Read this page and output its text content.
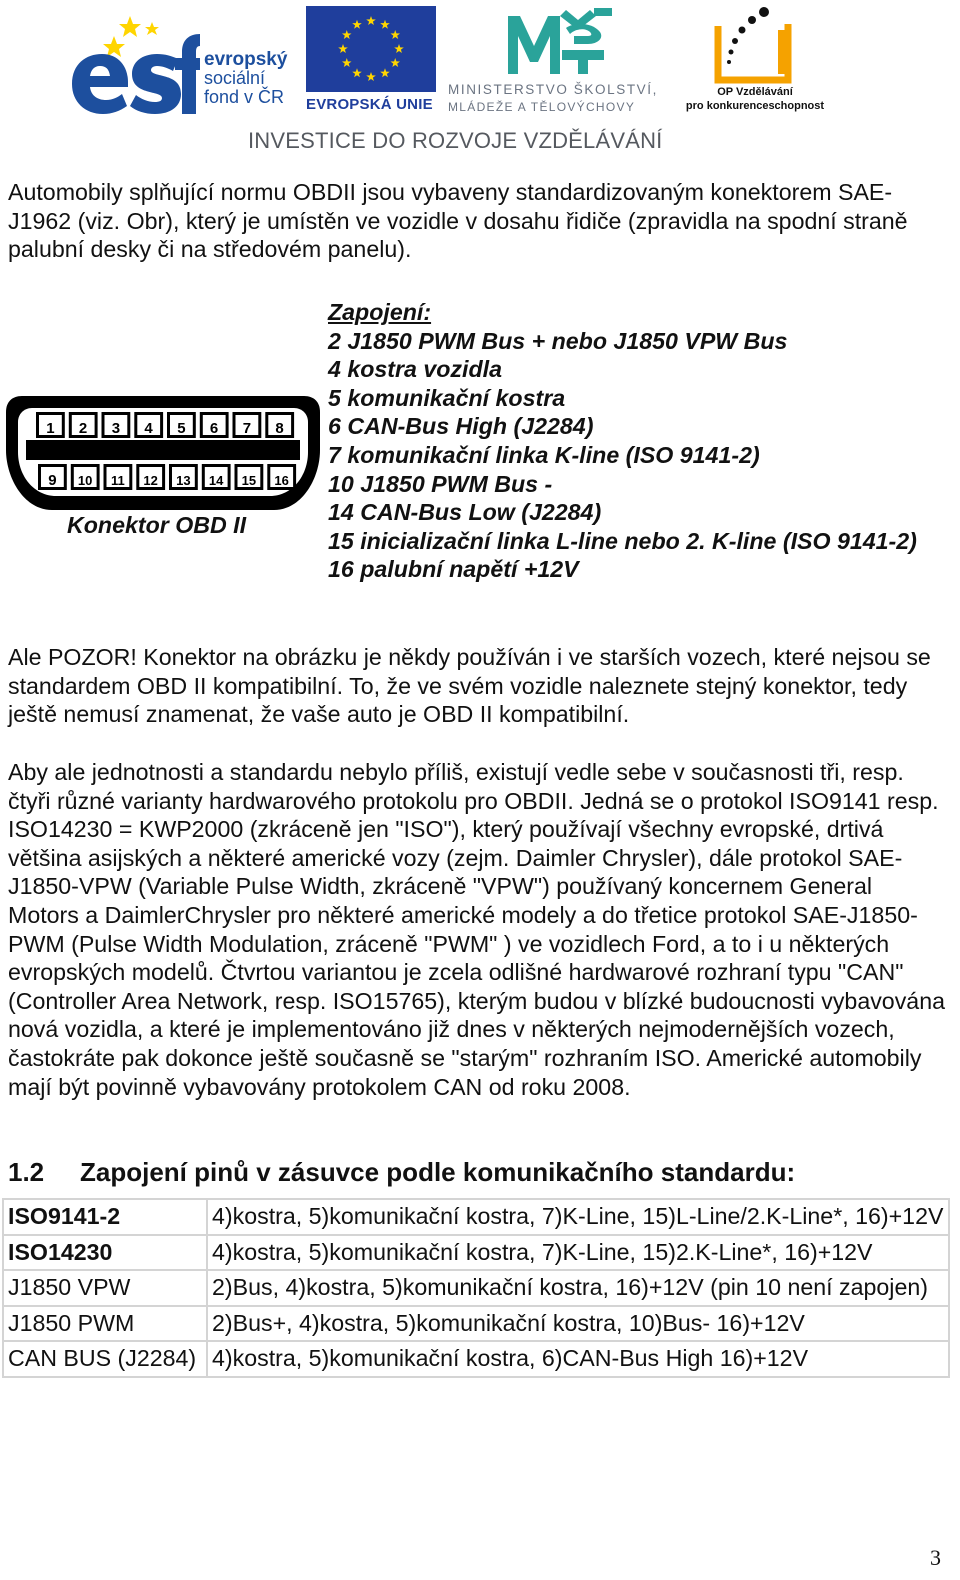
evropský
sociální
fond v ČR EVROPSKÁ UNIE
MINISTERSTVO ŠKOLSTVÍ,
MLÁDEŽE A TĚLOVÝCHOVY
OP Vzdělávání
pro konkurenceschopnost
INVESTICE DO ROZVOJE VZDĚLÁVÁNÍ
Automobily splňující normu OBDII jsou vybaveny standardizovaným konektorem SAE-J1962 (viz. Obr), který je umístěn ve vozidle v dosahu řidiče (zpravidla na spodní straně palubní desky či na středovém panelu).
1 2 3 4 5 6 7 8
9 10 11 12 13 14 15 16
Konektor OBD II
Zapojení:
2 J1850 PWM Bus + nebo J1850 VPW Bus
4 kostra vozidla
5 komunikační kostra
6 CAN-Bus High (J2284)
7 komunikační linka K-line (ISO 9141-2)
10 J1850 PWM Bus -
14 CAN-Bus Low (J2284)
15 inicializační linka L-line nebo 2. K-line (ISO 9141-2)
16 palubní napětí +12V
Ale POZOR! Konektor na obrázku je někdy používán i ve starších vozech, které nejsou se standardem OBD II kompatibilní. To, že ve svém vozidle naleznete stejný konektor, tedy ještě nemusí znamenat, že vaše auto je OBD II kompatibilní.
Aby ale jednotnosti a standardu nebylo příliš, existují vedle sebe v současnosti tři, resp. čtyři různé varianty hardwarového protokolu pro OBDII. Jedná se o protokol ISO9141 resp. ISO14230 = KWP2000 (zkráceně jen "ISO"), který používají všechny evropské, drtivá většina asijských a některé americké vozy (zejm. Daimler Chrysler), dále protokol SAE-J1850-VPW (Variable Pulse Width, zkráceně "VPW") používaný koncernem General Motors a DaimlerChrysler pro některé americké modely a do třetice protokol SAE-J1850-PWM (Pulse Width Modulation, zráceně "PWM" ) ve vozidlech Ford, a to i u některých evropských modelů. Čtvrtou variantou je zcela odlišné hardwarové rozhraní typu "CAN" (Controller Area Network, resp. ISO15765), kterým budou v blízké budoucnosti vybavována nová vozidla, a které je implementováno již dnes v některých nejmodernějších vozech, častokráte pak dokonce ještě současně se "starým" rozhraním ISO. Americké automobily mají být povinně vybavovány protokolem CAN od roku 2008.
1.2 Zapojení pinů v zásuvce podle komunikačního standardu:
ISO9141-2	4)kostra, 5)komunikační kostra, 7)K-Line, 15)L-Line/2.K-Line*, 16)+12V
ISO14230	4)kostra, 5)komunikační kostra, 7)K-Line, 15)2.K-Line*, 16)+12V
J1850 VPW	2)Bus, 4)kostra, 5)komunikační kostra, 16)+12V (pin 10 není zapojen)
J1850 PWM	2)Bus+, 4)kostra, 5)komunikační kostra, 10)Bus- 16)+12V
CAN BUS (J2284)	4)kostra, 5)komunikační kostra, 6)CAN-Bus High 16)+12V
3
